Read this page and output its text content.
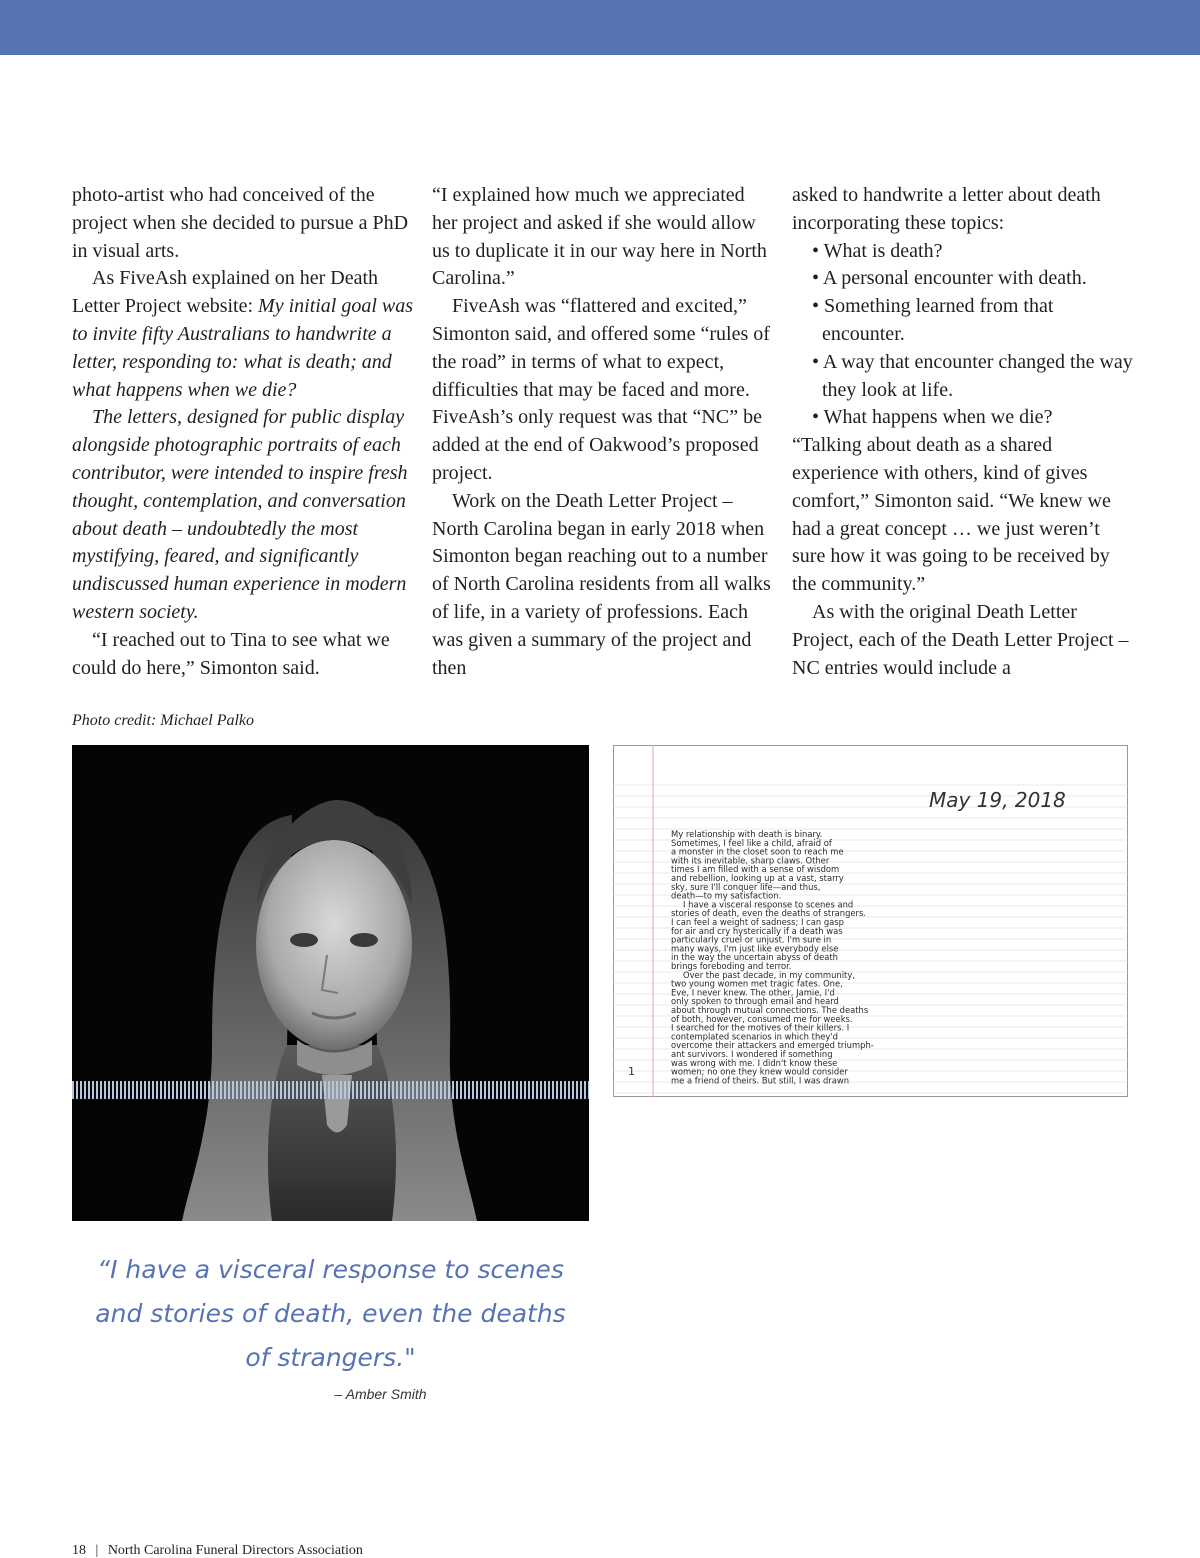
photo-artist who had conceived of the project when she decided to pursue a PhD in visual arts.

As FiveAsh explained on her Death Letter Project website: My initial goal was to invite fifty Australians to handwrite a letter, responding to: what is death; and what happens when we die?

The letters, designed for public display alongside photographic portraits of each contributor, were intended to inspire fresh thought, contemplation, and conversation about death – undoubtedly the most mystifying, feared, and significantly undiscussed human experience in modern western society.

“I reached out to Tina to see what we could do here,” Simonton said.

“I explained how much we appreciated her project and asked if she would allow us to duplicate it in our way here in North Carolina.”

FiveAsh was “flattered and excited,” Simonton said, and offered some “rules of the road” in terms of what to expect, difficulties that may be faced and more. FiveAsh’s only request was that “NC” be added at the end of Oakwood’s proposed project.

Work on the Death Letter Project – North Carolina began in early 2018 when Simonton began reaching out to a number of North Carolina residents from all walks of life, in a variety of professions. Each was given a summary of the project and then

asked to handwrite a letter about death incorporating these topics:

• What is death?

• A personal encounter with death.

• Something learned from that encounter.

• A way that encounter changed the way they look at life.

• What happens when we die?

“Talking about death as a shared experience with others, kind of gives comfort,” Simonton said. “We knew we had a great concept … we just weren’t sure how it was going to be received by the community.”

As with the original Death Letter Project, each of the Death Letter Project – NC entries would include a

Photo credit: Michael Palko
“I have a visceral response to scenes
and stories of death, even the deaths
of strangers."
– Amber Smith
May 19, 2018
My relationship with death is binary.
Sometimes, I feel like a child, afraid of
a monster in the closet soon to reach me
with its inevitable, sharp claws. Other
times I am filled with a sense of wisdom
and rebellion, looking up at a vast, starry
sky, sure I'll conquer life—and thus,
death—to my satisfaction.
I have a visceral response to scenes and
stories of death, even the deaths of strangers.
I can feel a weight of sadness; I can gasp
for air and cry hysterically if a death was
particularly cruel or unjust. I'm sure in
many ways, I'm just like everybody else
in the way the uncertain abyss of death
brings foreboding and terror.
Over the past decade, in my community,
two young women met tragic fates. One,
Eve, I never knew. The other, Jamie, I'd
only spoken to through email and heard
about through mutual connections. The deaths
of both, however, consumed me for weeks.
I searched for the motives of their killers. I
contemplated scenarios in which they'd
overcome their attackers and emerged triumph-
ant survivors. I wondered if something
was wrong with me. I didn't know these
women; no one they knew would consider
me a friend of theirs. But still, I was drawn
1
18 | North Carolina Funeral Directors Association
